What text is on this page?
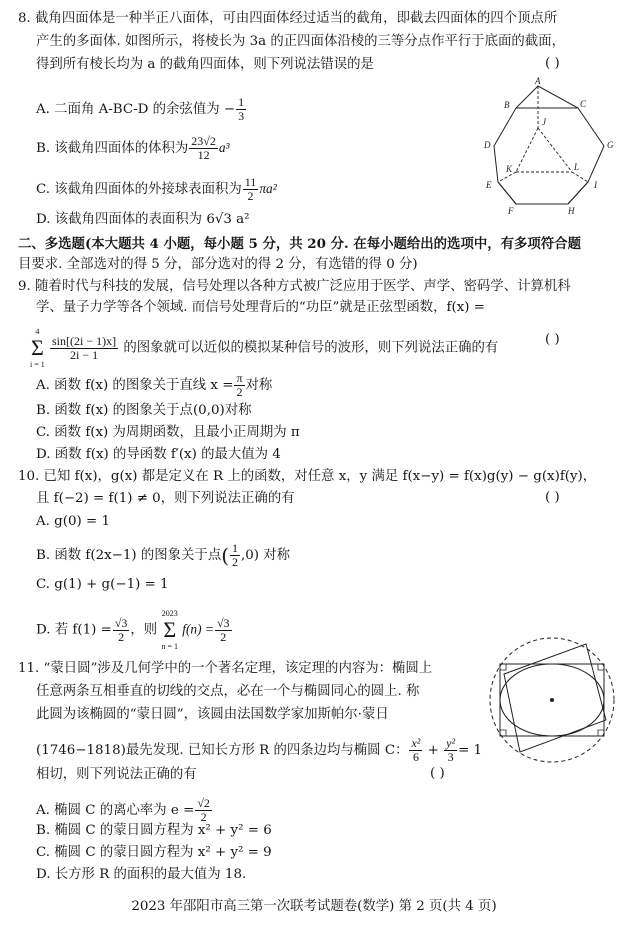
8. 截角四面体是一种半正八面体，可由四面体经过适当的截角，即截去四面体的四个顶点所
产生的多面体. 如图所示，将棱长为 3a 的正四面体沿棱的三等分点作平行于底面的截面，
得到所有棱长均为 a 的截角四面体，则下列说法错误的是	( )
A. 二面角 A-BC-D 的余弦值为 − $\frac{1}{3}$
B. 该截角四面体的体积为 $\frac{23√2}{12} a^3$
C. 该截角四面体的外接球表面积为 $\frac{11}{2} \pi a^2$
D. 该截角四面体的表面积为 6√3 a²
A
B	C
D
E
F
G
H
I
J
K	L
二、多选题(本大题共 4 小题，每小题 5 分，共 20 分. 在每小题给出的选项中，有多项符合题
目要求. 全部选对的得 5 分，部分选对的得 2 分，有选错的得 0 分)
9. 随着时代与科技的发展，信号处理以各种方式被广泛应用于医学、声学、密码学、计算机科
学、量子力学等各个领域. 而信号处理背后的“功臣”就是正弦型函数，f(x) =
4
Σ
i = 1

$\frac{\sin[(2i - 1)x]}{2i - 1}$ 的图象就可以近似的模拟某种信号的波形，则下列说法正确的有
( )
A. 函数 f(x) 的图象关于直线 $x = \frac{\pi}{2}$ 对称
B. 函数 f(x) 的图象关于点(0,0)对称
C. 函数 f(x) 为周期函数，且最小正周期为 π
D. 函数 f(x) 的导函数 f′(x) 的最大值为 4
10. 已知 f(x)，g(x) 都是定义在 R 上的函数，对任意 x，y 满足 f(x−y) = f(x)g(y) − g(x)f(y)，
且 f(−2) = f(1) ≠ 0，则下列说法正确的有	( )
A. g(0) = 1
B. 函数 f(2x−1) 的图象关于点( $\frac{1}{2} ,0$) 对称
C. g(1) + g(−1) = 1
D. 若 $f(1) = \frac{√3}{2}$ ，则
2023
Σ
n = 1
$f(n) = \frac{√3}{2}$
11. “蒙日圆”涉及几何学中的一个著名定理，该定理的内容为：椭圆上
任意两条互相垂直的切线的交点，必在一个与椭圆同心的圆上. 称
此圆为该椭圆的“蒙日圆”，该圆由法国数学家加斯帕尔·蒙日
(1746−1818)最先发现. 已知长方形 R 的四条边均与椭圆 C： $\frac{\text{x²}}{6} + \frac{\text{y²}}{3} = 1$
相切，则下列说法正确的有	( )
A. 椭圆 C 的离心率为 $e = \frac{√2}{2}$
B. 椭圆 C 的蒙日圆方程为 x² + y² = 6
C. 椭圆 C 的蒙日圆方程为 x² + y² = 9
D. 长方形 R 的面积的最大值为 18.
2023 年邵阳市高三第一次联考试题卷(数学) 第 2 页(共 4 页)
